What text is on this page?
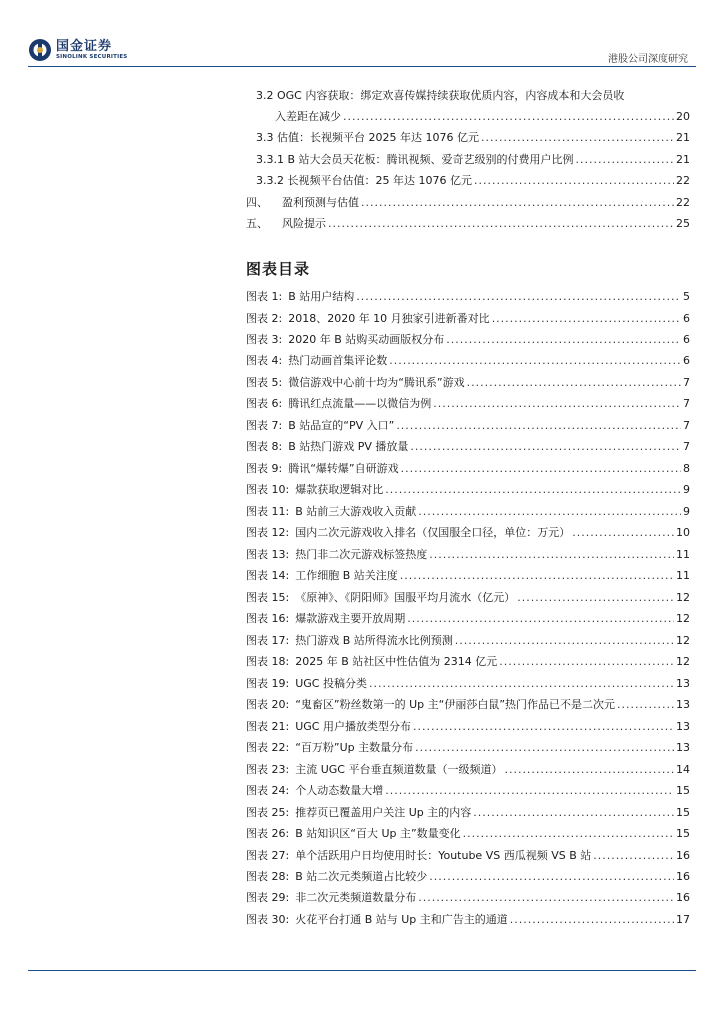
国金证券
SINOLINK SECURITIES	港股公司深度研究
3.2 OGC 内容获取：绑定欢喜传媒持续获取优质内容，内容成本和大会员收
入差距在减少 .....	20
3.3 估值：长视频平台 2025 年达 1076 亿元 .....	21
3.3.1 B 站大会员天花板：腾讯视频、爱奇艺级别的付费用户比例 .....	21
3.3.2 长视频平台估值：25 年达 1076 亿元 .....	22
四、    盈利预测与估值 .....	22
五、    风险提示 .....	25
图表目录
图表 1: B 站用户结构 .....	5
图表 2: 2018、2020 年 10 月独家引进新番对比 .....	6
图表 3: 2020 年 B 站购买动画版权分布 .....	6
图表 4: 热门动画首集评论数 .....	6
图表 5: 微信游戏中心前十均为“腾讯系”游戏 .....	7
图表 6: 腾讯红点流量——以微信为例 .....	7
图表 7: B 站品宣的“PV 入口” .....	7
图表 8: B 站热门游戏 PV 播放量 .....	7
图表 9: 腾讯“爆转爆”自研游戏 .....	8
图表 10: 爆款获取逻辑对比 .....	9
图表 11: B 站前三大游戏收入贡献 .....	9
图表 12: 国内二次元游戏收入排名（仅国服全口径，单位：万元） .....	10
图表 13: 热门非二次元游戏标签热度 .....	11
图表 14: 工作细胞 B 站关注度 .....	11
图表 15: 《原神》、《阴阳师》国服平均月流水（亿元） .....	12
图表 16: 爆款游戏主要开放周期 .....	12
图表 17: 热门游戏 B 站所得流水比例预测 .....	12
图表 18: 2025 年 B 站社区中性估值为 2314 亿元 .....	12
图表 19: UGC 投稿分类 .....	13
图表 20: “鬼畜区”粉丝数第一的 Up 主“伊丽莎白鼠”热门作品已不是二次元 .....	13
图表 21: UGC 用户播放类型分布 .....	13
图表 22: “百万粉”Up 主数量分布 .....	13
图表 23: 主流 UGC 平台垂直频道数量（一级频道） .....	14
图表 24: 个人动态数量大增 .....	15
图表 25: 推荐页已覆盖用户关注 Up 主的内容 .....	15
图表 26: B 站知识区“百大 Up 主”数量变化 .....	15
图表 27: 单个活跃用户日均使用时长：Youtube VS 西瓜视频 VS B 站 .....	16
图表 28: B 站二次元类频道占比较少 .....	16
图表 29: 非二次元类频道数量分布 .....	16
图表 30: 火花平台打通 B 站与 Up 主和广告主的通道 .....	17
